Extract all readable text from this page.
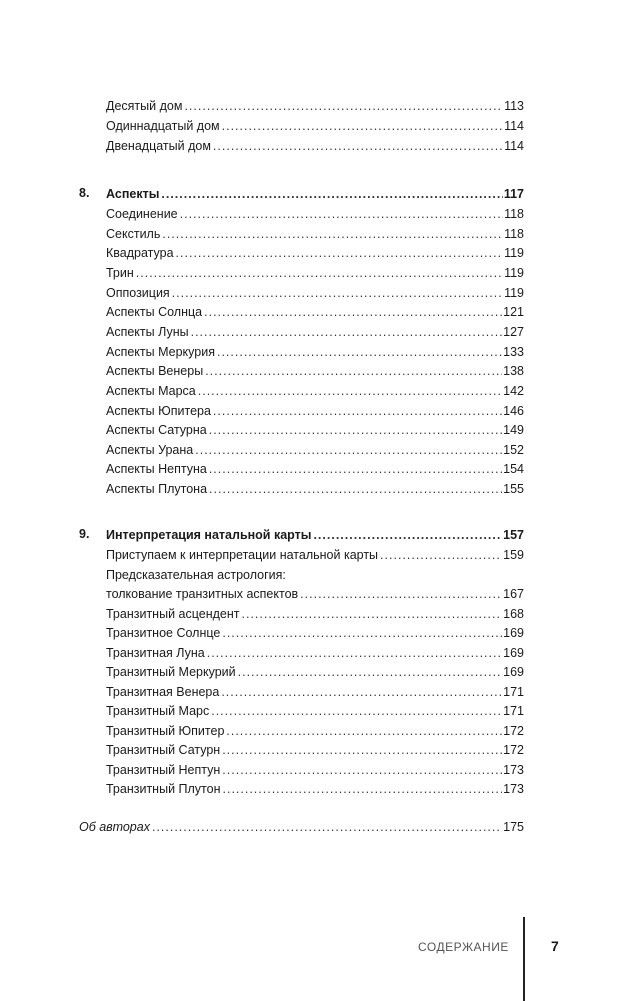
Десятый дом .....	113
Одиннадцатый дом .....	114
Двенадцатый дом .....	114
8. Аспекты .....	117
Соединение .....	118
Секстиль .....	118
Квадратура .....	119
Трин .....	119
Оппозиция .....	119
Аспекты Солнца .....	121
Аспекты Луны .....	127
Аспекты Меркурия .....	133
Аспекты Венеры .....	138
Аспекты Марса .....	142
Аспекты Юпитера .....	146
Аспекты Сатурна .....	149
Аспекты Урана .....	152
Аспекты Нептуна .....	154
Аспекты Плутона .....	155
9. Интерпретация натальной карты .....	157
Приступаем к интерпретации натальной карты .....	159
Предсказательная астрология:
толкование транзитных аспектов .....	167
Транзитный асцендент .....	168
Транзитное Солнце .....	169
Транзитная Луна .....	169
Транзитный Меркурий .....	169
Транзитная Венера .....	171
Транзитный Марс .....	171
Транзитный Юпитер .....	172
Транзитный Сатурн .....	172
Транзитный Нептун .....	173
Транзитный Плутон .....	173
Об авторах .....	175
СОДЕРЖАНИЕ	7
